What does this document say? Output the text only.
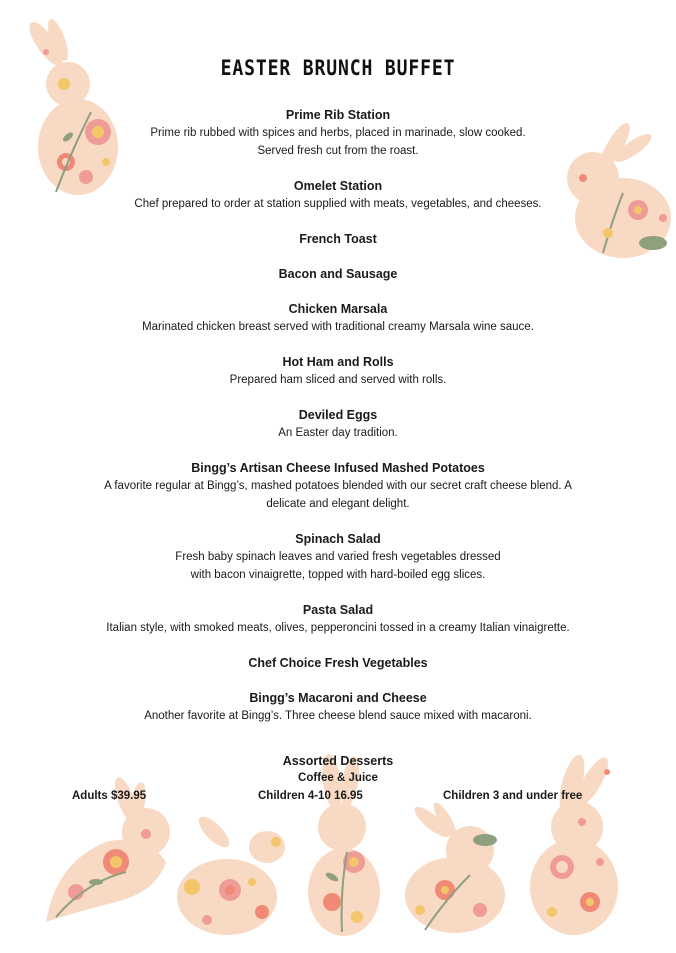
EASTER BRUNCH BUFFET
Prime Rib Station
Prime rib rubbed with spices and herbs, placed in marinade, slow cooked.
Served fresh cut from the roast.
Omelet Station
Chef prepared to order at station supplied with meats, vegetables, and cheeses.
French Toast
Bacon and Sausage
Chicken Marsala
Marinated chicken breast served with traditional creamy Marsala wine sauce.
Hot Ham and Rolls
Prepared ham sliced and served with rolls.
Deviled Eggs
An Easter day tradition.
Bingg’s Artisan Cheese Infused Mashed Potatoes
A favorite regular at Bingg’s, mashed potatoes blended with our secret craft cheese blend. A
delicate and elegant delight.
Spinach Salad
Fresh baby spinach leaves and varied fresh vegetables dressed
with bacon vinaigrette, topped with hard-boiled egg slices.
Pasta Salad
Italian style, with smoked meats, olives, pepperoncini tossed in a creamy Italian vinaigrette.
Chef Choice Fresh Vegetables
Bingg’s Macaroni and Cheese
Another favorite at Bingg’s. Three cheese blend sauce mixed with macaroni.
Assorted Desserts
Coffee & Juice
Adults $39.95	Children 4-10 16.95	Children 3 and under free
